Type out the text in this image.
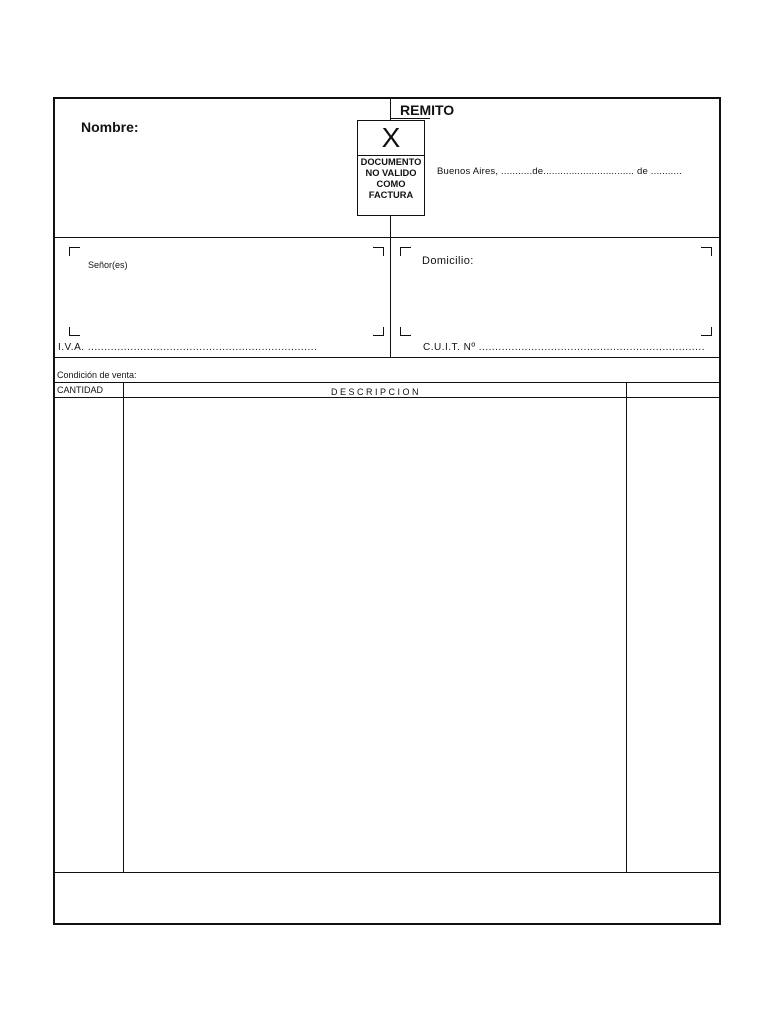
Nombre:
REMITO
X
DOCUMENTO NO VALIDO COMO FACTURA
Buenos Aires, ...........de................................ de ...........
Señor(es)	Domicilio:
I.V.A. ......................................................................	C.U.I.T. Nº .....................................................................
Condición de venta:
CANTIDAD	DESCRIPCION
